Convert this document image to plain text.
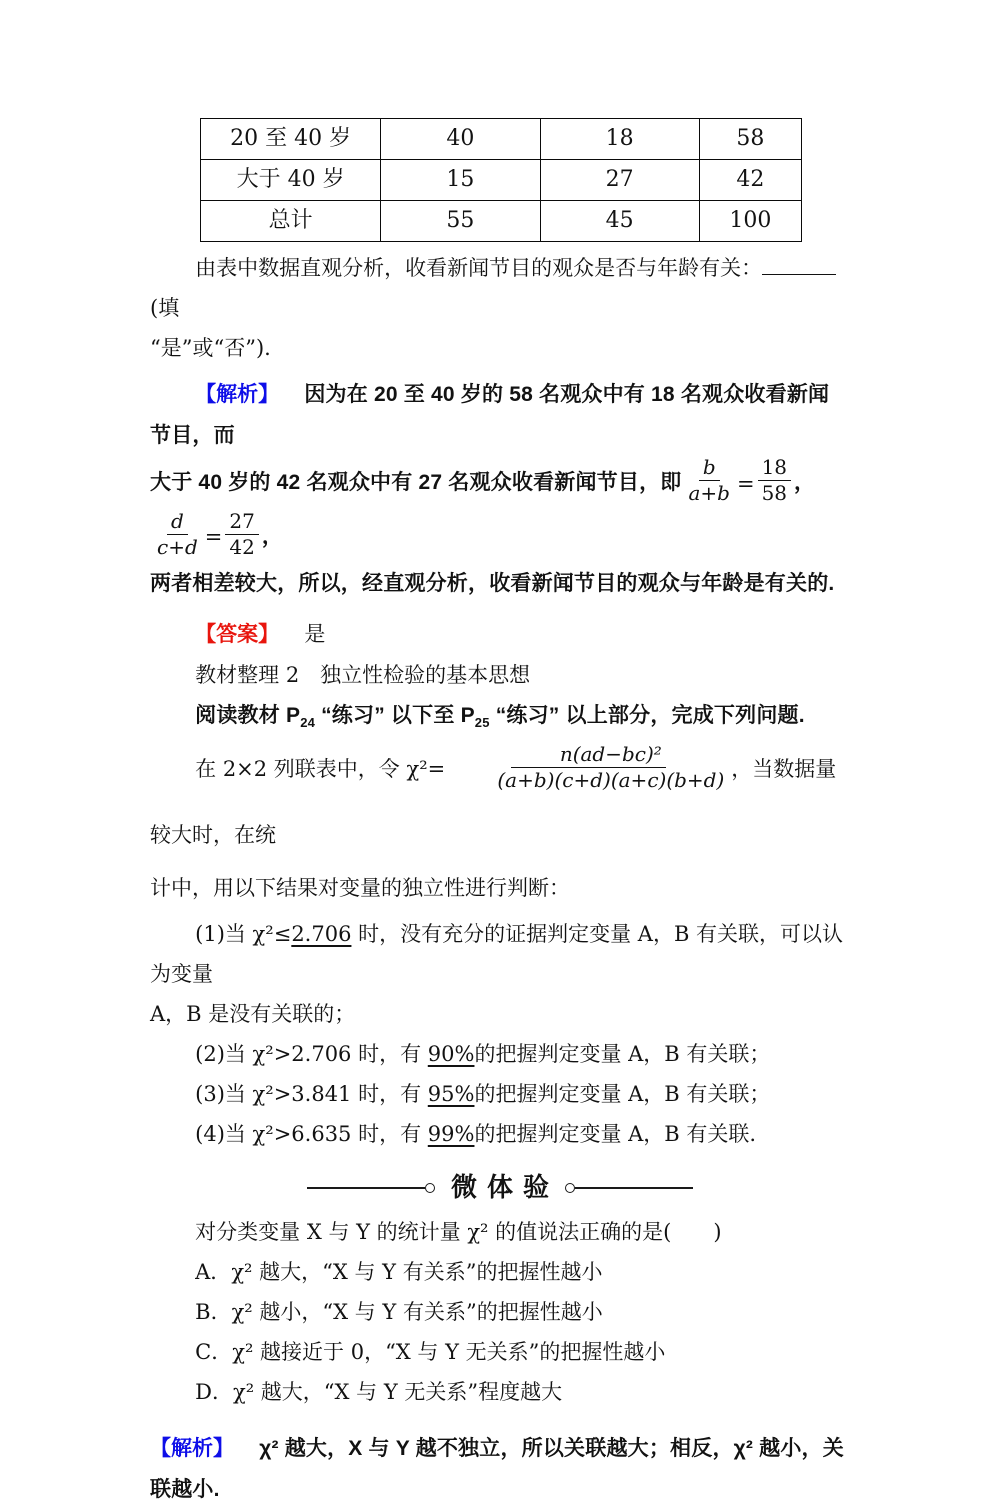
20 至 40 岁	40	18	58
大于 40 岁	15	27	42
总计	55	45	100

由表中数据直观分析，收看新闻节目的观众是否与年龄有关：(填

“是”或“否”).

【解析】 因为在 20 至 40 岁的 58 名观众中有 18 名观众收看新闻节目，而

大于 40 岁的 42 名观众中有 27 名观众收看新闻节目，即 $\frac{b}{a+b} = \frac{18}{58}$ ，
$\frac{d}{c+d} = \frac{27}{42}$ ，

两者相差较大，所以，经直观分析，收看新闻节目的观众与年龄是有关的.

【答案】 是

教材整理 2　独立性检验的基本思想

阅读教材 $P_{24}$ “练习” 以下至 $P_{25}$ “练习” 以上部分，完成下列问题.

在 2×2 列联表中，令 $\chi^2= \frac{\text{n(ad−bc)²}}{(a+b)(c+d)(a+c)(b+d)}$ ，当数据量较大时，在统

计中，用以下结果对变量的独立性进行判断：

(1)当 χ²≤2.706 时，没有充分的证据判定变量 A，B 有关联，可以认为变量

A，B 是没有关联的；

(2)当 χ²>2.706 时，有 90%的把握判定变量 A，B 有关联；

(3)当 χ²>3.841 时，有 95%的把握判定变量 A，B 有关联；

(4)当 χ²>6.635 时，有 99%的把握判定变量 A，B 有关联.

微体验

对分类变量 X 与 Y 的统计量 χ² 的值说法正确的是(　　)

A．χ² 越大，“X 与 Y 有关系”的把握性越小

B．χ² 越小，“X 与 Y 有关系”的把握性越小

C．χ² 越接近于 0，“X 与 Y 无关系”的把握性越小

D．χ² 越大，“X 与 Y 无关系”程度越大

【解析】 χ² 越大，X 与 Y 越不独立，所以关联越大；相反，χ² 越小，关联越小.
